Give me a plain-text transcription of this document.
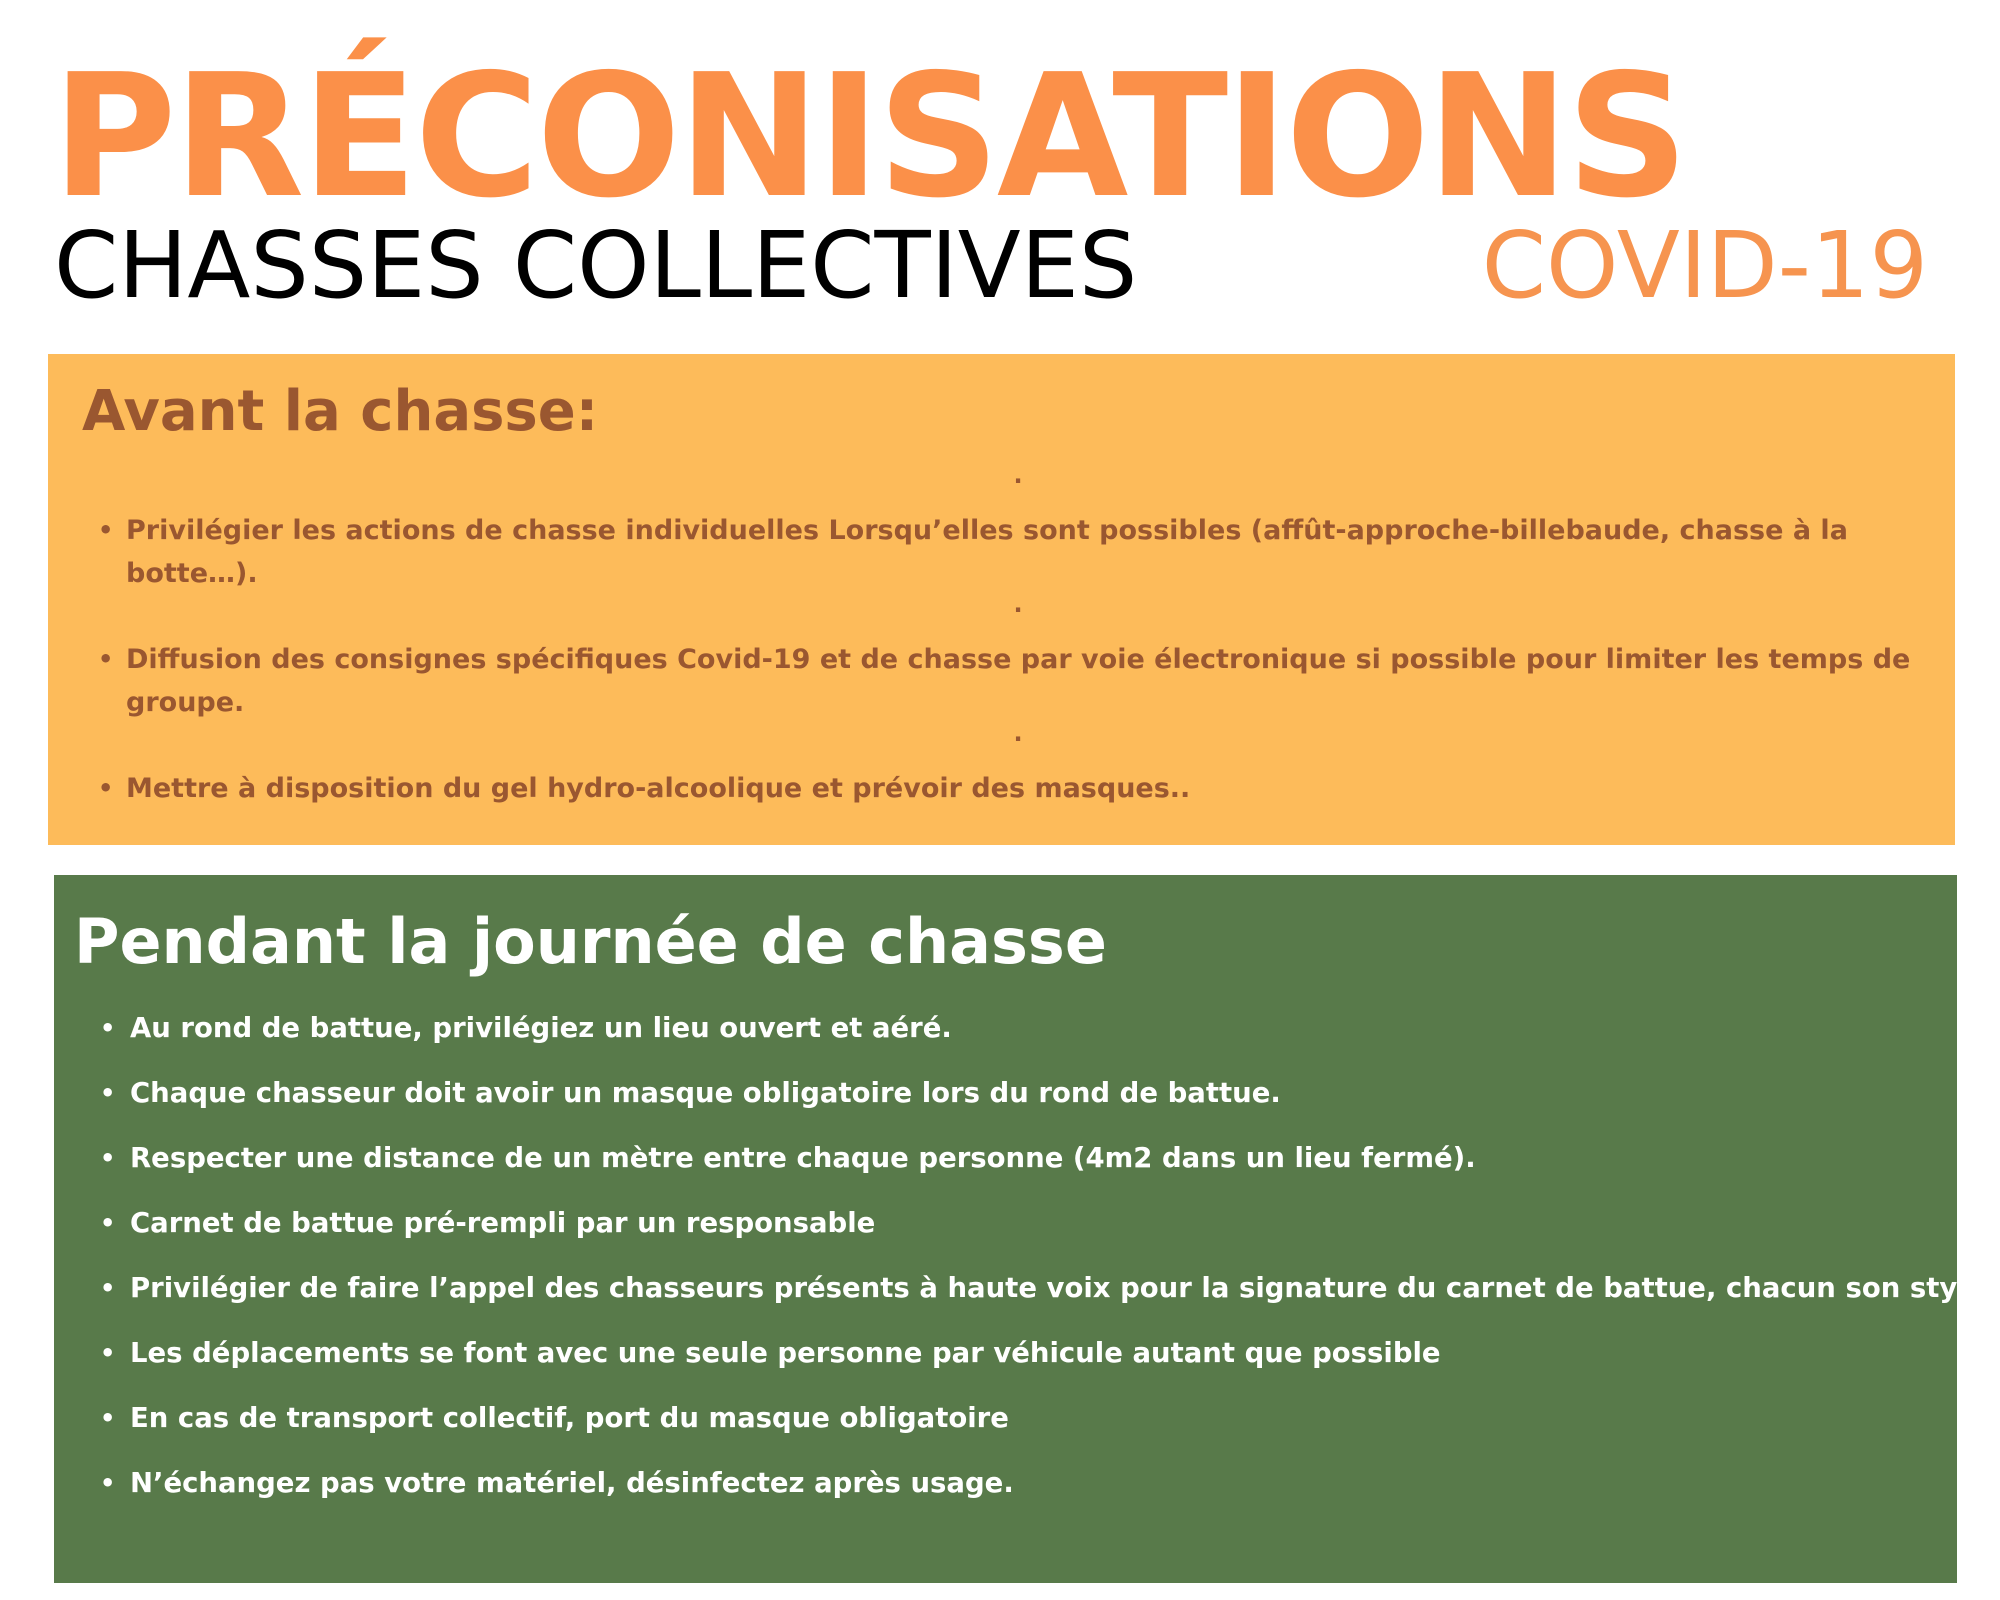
PRÉCONISATIONS
CHASSES COLLECTIVES	COVID-19
Avant la chasse:
·
• Privilégier les actions de chasse individuelles Lorsqu’elles sont possibles (affût-approche-billebaude, chasse à la botte…).
·
• Diffusion des consignes spécifiques Covid-19 et de chasse par voie électronique si possible pour limiter les temps de groupe.
·
• Mettre à disposition du gel hydro-alcoolique et prévoir des masques..
Pendant la journée de chasse
• Au rond de battue, privilégiez un lieu ouvert et aéré.
• Chaque chasseur doit avoir un masque obligatoire lors du rond de battue.
• Respecter une distance de un mètre entre chaque personne (4m2 dans un lieu fermé).
• Carnet de battue pré-rempli par un responsable
• Privilégier de faire l’appel des chasseurs présents à haute voix pour la signature du carnet de battue, chacun son stylo.
• Les déplacements se font avec une seule personne par véhicule autant que possible
• En cas de transport collectif, port du masque obligatoire
• N’échangez pas votre matériel, désinfectez après usage.
